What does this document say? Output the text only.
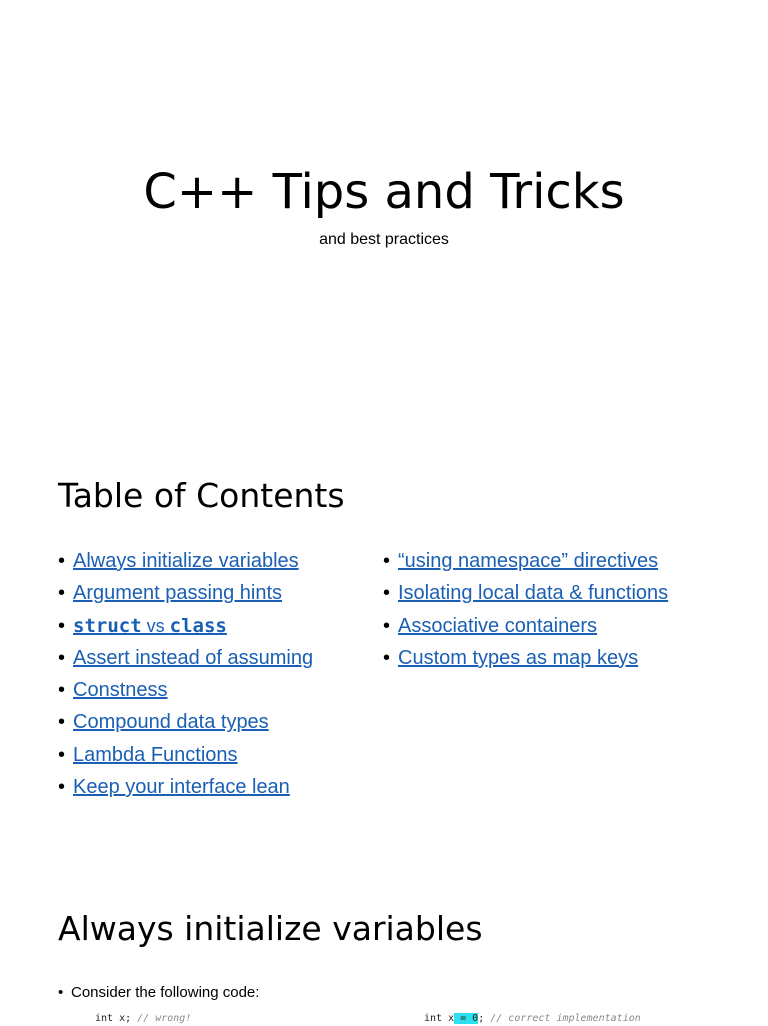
C++ Tips and Tricks
and best practices
Table of Contents
• Always initialize variables
• Argument passing hints
• struct vs class
• Assert instead of assuming
• Constness
• Compound data types
• Lambda Functions
• Keep your interface lean
• “using namespace” directives
• Isolating local data & functions
• Associative containers
• Custom types as map keys
Always initialize variables
• Consider the following code:
int x; // wrong!	int x = 0; // correct implementation
